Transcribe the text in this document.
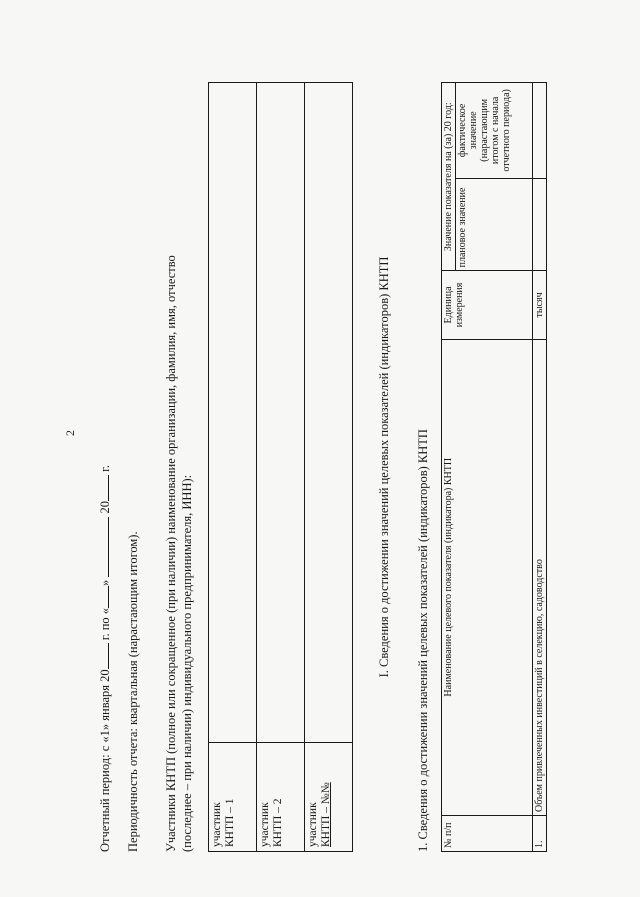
2
Отчетный период: с «1» января 20 г. по «»  20 г.
Периодичность отчета: квартальная (нарастающим итогом). Участники КНТП (полное или сокращенное (при наличии) наименование организации, фамилия, имя, отчество (последнее – при наличии) индивидуального предпринимателя, ИНН): участник
КНТП – 1	
участник
КНТП – 2	
участник
КНТП – №№	
I. Сведения о достижении значений целевых показателей (индикаторов) КНТП 1. Сведения о достижении значений целевых показателей (индикаторов) КНТП № п/п	Наименование целевого показателя (индикатора) КНТП	Единица измерения	Значение показателя на (за) 20 год:	
			плановое значение	фактическое значение (нарастающим итогом с начала отчетного периода)
1.	Объем привлеченных инвестиций в селекцию, садоводство	тысяч		
